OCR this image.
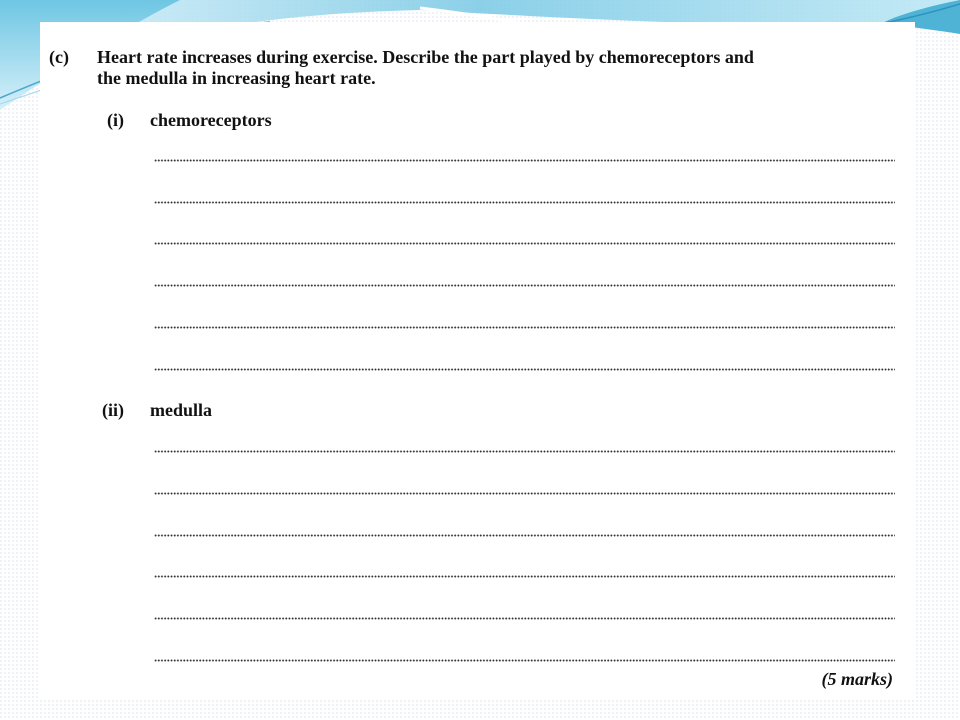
(c) Heart rate increases during exercise. Describe the part played by chemoreceptors and
the medulla in increasing heart rate.
(i) chemoreceptors
(ii) medulla
(5 marks)
